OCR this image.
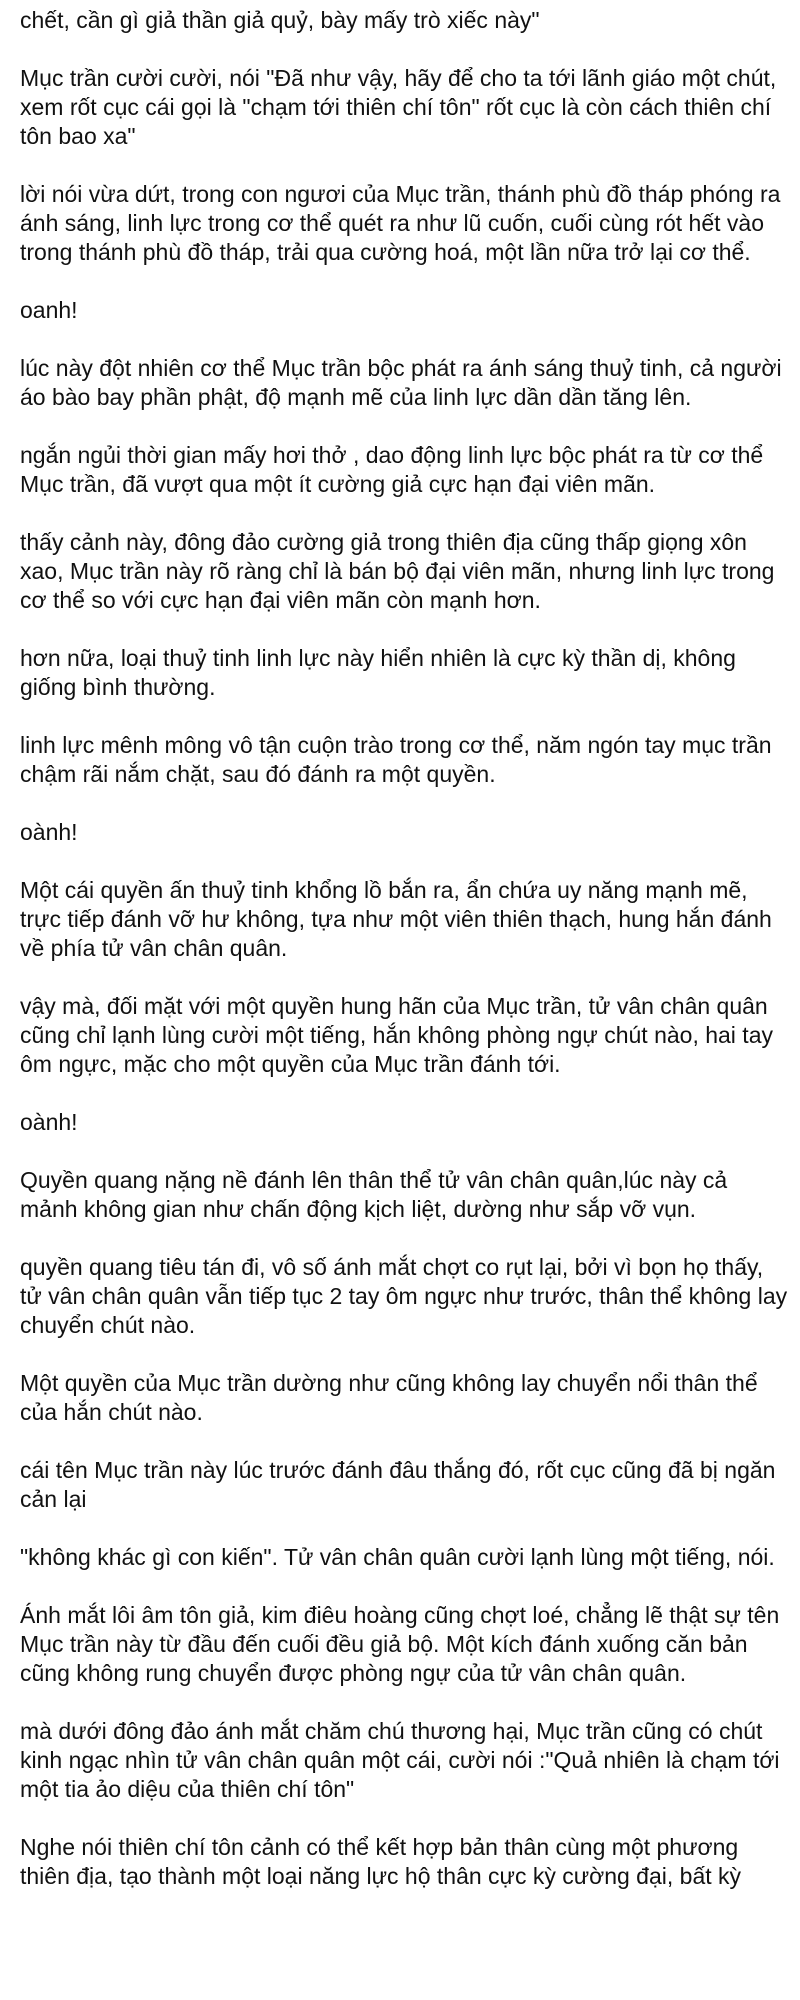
chết, cần gì giả thần giả quỷ, bày mấy trò xiếc này"

Mục trần cười cười, nói "Đã như vậy, hãy để cho ta tới lãnh giáo một chút, xem rốt cục cái gọi là "chạm tới thiên chí tôn" rốt cục là còn cách thiên chí tôn bao xa"

lời nói vừa dứt, trong con ngươi của Mục trần, thánh phù đồ tháp phóng ra ánh sáng, linh lực trong cơ thể quét ra như lũ cuốn, cuối cùng rót hết vào trong thánh phù đồ tháp, trải qua cường hoá, một lần nữa trở lại cơ thể.

oanh!

lúc này đột nhiên cơ thể Mục trần bộc phát ra ánh sáng thuỷ tinh, cả người áo bào bay phần phật, độ mạnh mẽ của linh lực dần dần tăng lên.

ngắn ngủi thời gian mấy hơi thở , dao động linh lực bộc phát ra từ cơ thể Mục trần, đã vượt qua một ít cường giả cực hạn đại viên mãn.

thấy cảnh này, đông đảo cường giả trong thiên địa cũng thấp giọng xôn xao, Mục trần này rõ ràng chỉ là bán bộ đại viên mãn, nhưng linh lực trong cơ thể so với cực hạn đại viên mãn còn mạnh hơn.

hơn nữa, loại thuỷ tinh linh lực này hiển nhiên là cực kỳ thần dị, không giống bình thường.

linh lực mênh mông vô tận cuộn trào trong cơ thể, năm ngón tay mục trần chậm rãi nắm chặt, sau đó đánh ra một quyền.

oành!

Một cái quyền ấn thuỷ tinh khổng lồ bắn ra, ẩn chứa uy năng mạnh mẽ, trực tiếp đánh vỡ hư không, tựa như một viên thiên thạch, hung hắn đánh về phía tử vân chân quân.

vậy mà, đối mặt với một quyền hung hãn của Mục trần, tử vân chân quân cũng chỉ lạnh lùng cười một tiếng, hắn không phòng ngự chút nào, hai tay ôm ngực, mặc cho một quyền của Mục trần đánh tới.

oành!

Quyền quang nặng nề đánh lên thân thể tử vân chân quân,lúc này cả mảnh không gian như chấn động kịch liệt, dường như sắp vỡ vụn.

quyền quang tiêu tán đi, vô số ánh mắt chợt co rụt lại, bởi vì bọn họ thấy, tử vân chân quân vẫn tiếp tục 2 tay ôm ngực như trước, thân thể không lay chuyển chút nào.

Một quyền của Mục trần dường như cũng không lay chuyển nổi thân thể của hắn chút nào.

cái tên Mục trần này lúc trước đánh đâu thắng đó, rốt cục cũng đã bị ngăn cản lại

"không khác gì con kiến". Tử vân chân quân cười lạnh lùng một tiếng, nói.

Ánh mắt lôi âm tôn giả, kim điêu hoàng cũng chợt loé, chẳng lẽ thật sự tên Mục trần này từ đầu đến cuối đều giả bộ. Một kích đánh xuống căn bản cũng không rung chuyển được phòng ngự của tử vân chân quân.

mà dưới đông đảo ánh mắt chăm chú thương hại, Mục trần cũng có chút kinh ngạc nhìn tử vân chân quân một cái, cười nói :"Quả nhiên là chạm tới một tia ảo diệu của thiên chí tôn"

Nghe nói thiên chí tôn cảnh có thể kết hợp bản thân cùng một phương thiên địa, tạo thành một loại năng lực hộ thân cực kỳ cường đại, bất kỳ
